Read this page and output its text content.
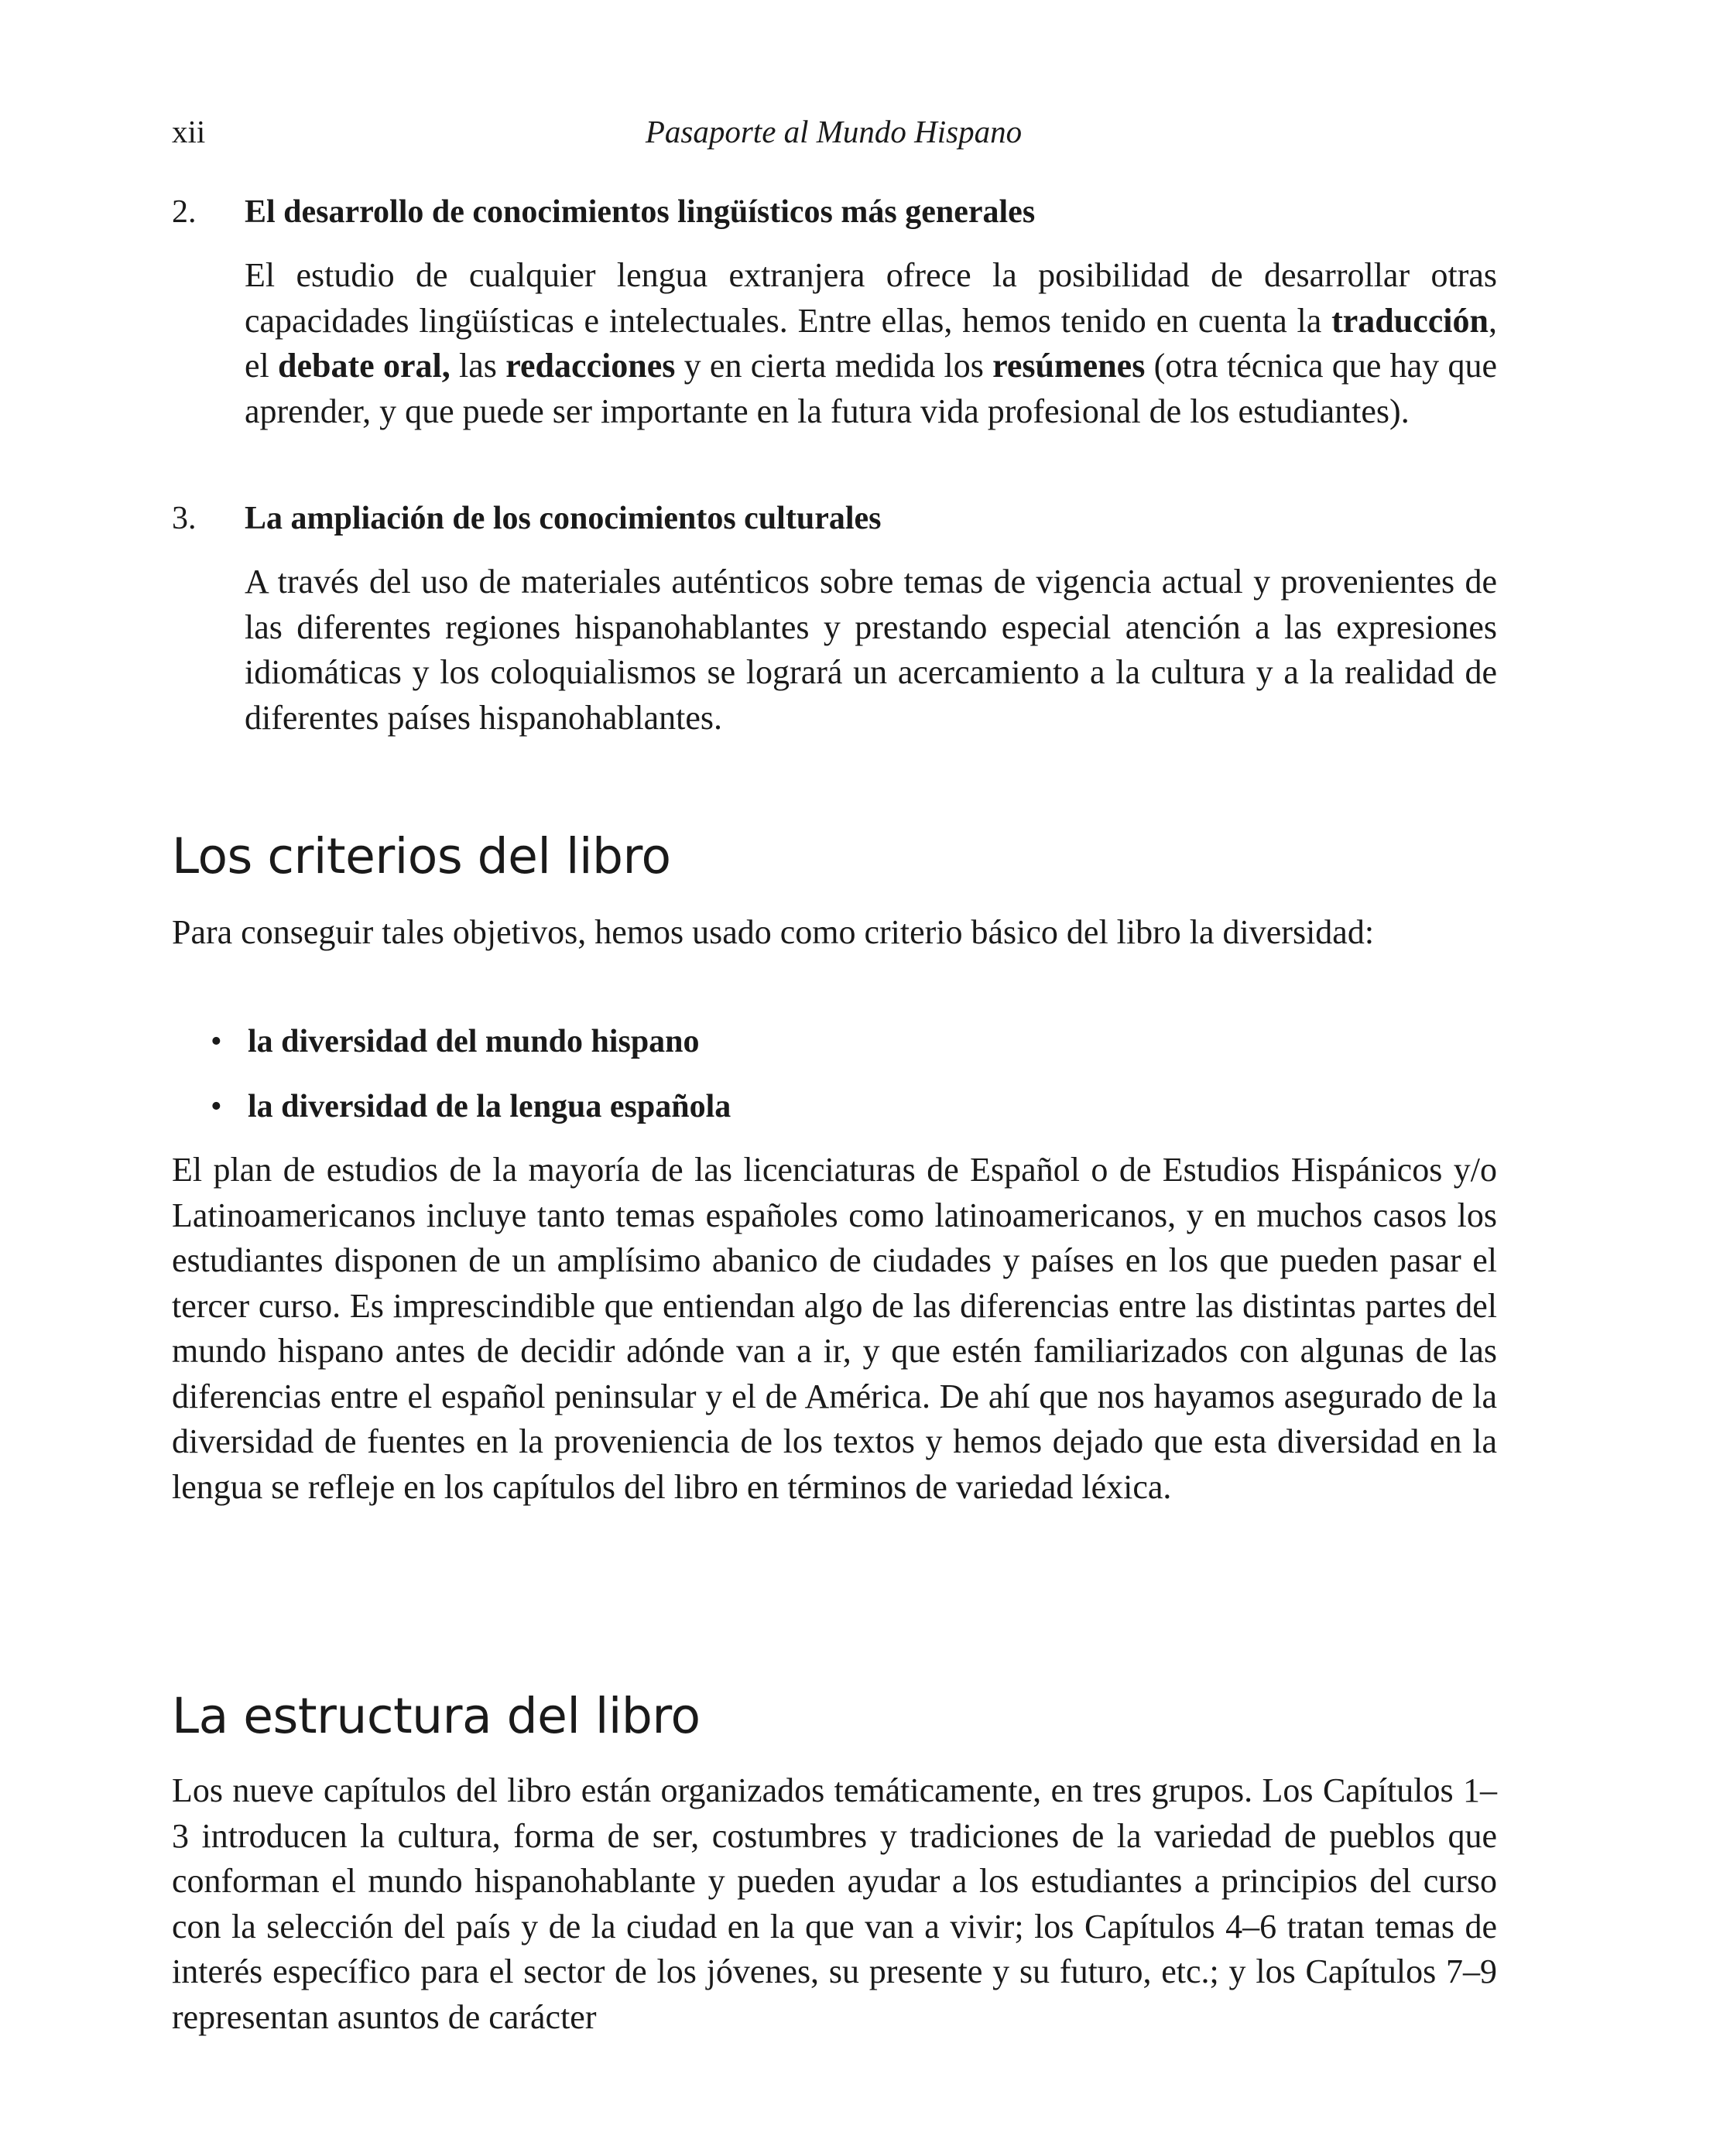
xii	Pasaporte al Mundo Hispano
2. El desarrollo de conocimientos lingüísticos más generales

El estudio de cualquier lengua extranjera ofrece la posibilidad de desarrollar otras capacidades lingüísticas e intelectuales. Entre ellas, hemos tenido en cuenta la traducción, el debate oral, las redacciones y en cierta medida los resúmenes (otra técnica que hay que aprender, y que puede ser importante en la futura vida profesional de los estudiantes).

3. La ampliación de los conocimientos culturales

A través del uso de materiales auténticos sobre temas de vigencia actual y provenientes de las diferentes regiones hispanohablantes y prestando especial atención a las expresiones idiomáticas y los coloquialismos se logrará un acercamiento a la cultura y a la realidad de diferentes países hispanohablantes.

Los criterios del libro

Para conseguir tales objetivos, hemos usado como criterio básico del libro la diversidad:

• la diversidad del mundo hispano
• la diversidad de la lengua española

El plan de estudios de la mayoría de las licenciaturas de Español o de Estudios Hispánicos y/o Latinoamericanos incluye tanto temas españoles como latinoamericanos, y en muchos casos los estudiantes disponen de un amplísimo abanico de ciudades y países en los que pueden pasar el tercer curso. Es imprescindible que entiendan algo de las diferencias entre las distintas partes del mundo hispano antes de decidir adónde van a ir, y que estén familiarizados con algunas de las diferencias entre el español peninsular y el de América. De ahí que nos hayamos asegurado de la diversidad de fuentes en la proveniencia de los textos y hemos dejado que esta diversidad en la lengua se refleje en los capítulos del libro en términos de variedad léxica.

La estructura del libro

Los nueve capítulos del libro están organizados temáticamente, en tres grupos. Los Capítulos 1–3 introducen la cultura, forma de ser, costumbres y tradiciones de la variedad de pueblos que conforman el mundo hispanohablante y pueden ayudar a los estudiantes a principios del curso con la selección del país y de la ciudad en la que van a vivir; los Capítulos 4–6 tratan temas de interés específico para el sector de los jóvenes, su presente y su futuro, etc.; y los Capítulos 7–9 representan asuntos de carácter
